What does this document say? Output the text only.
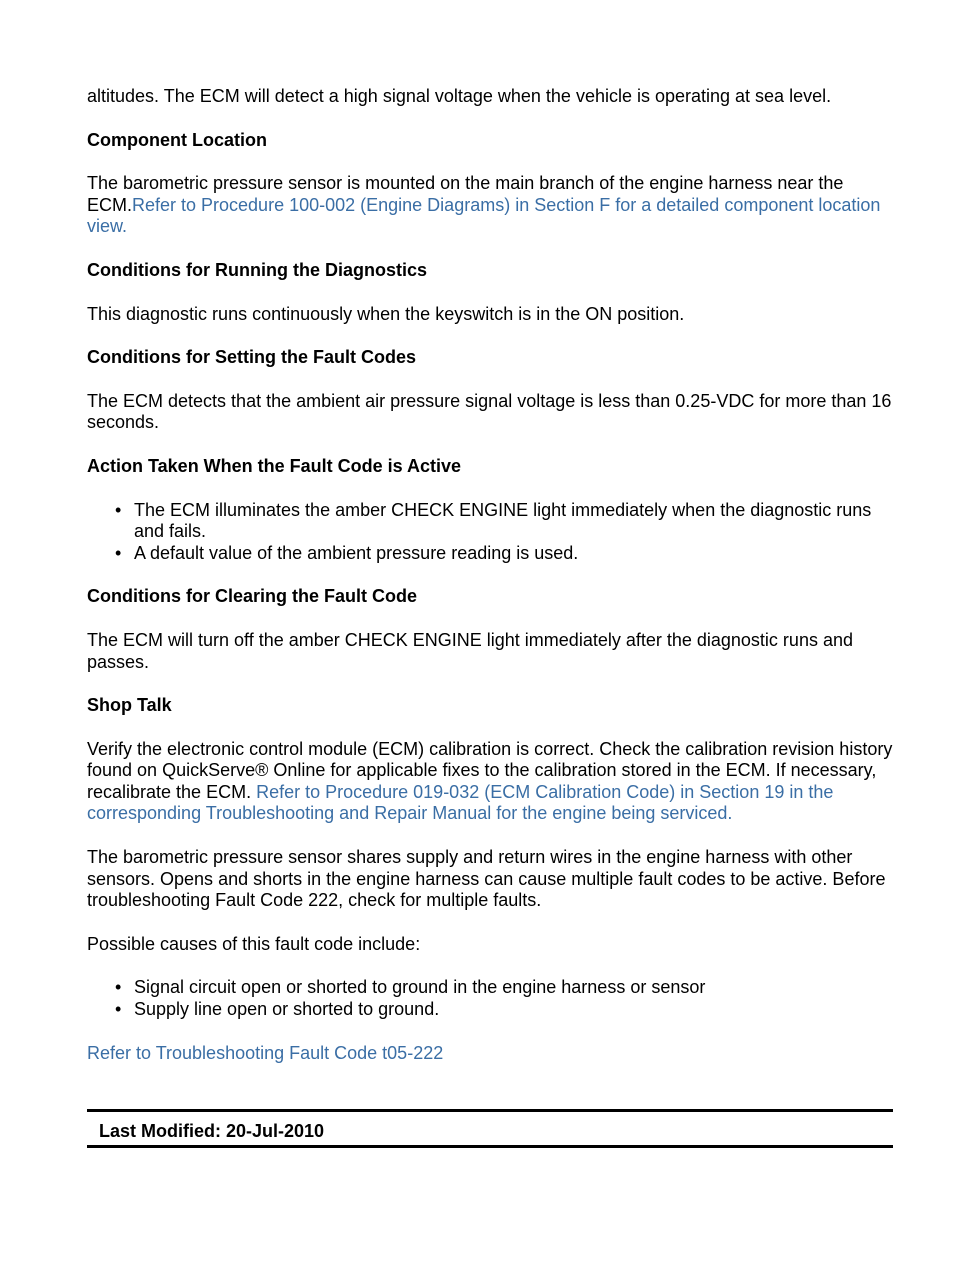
altitudes. The ECM will detect a high signal voltage when the vehicle is operating at sea level.

Component Location

The barometric pressure sensor is mounted on the main branch of the engine harness near the ECM.Refer to Procedure 100-002 (Engine Diagrams) in Section F for a detailed component location view.

Conditions for Running the Diagnostics

This diagnostic runs continuously when the keyswitch is in the ON position.

Conditions for Setting the Fault Codes

The ECM detects that the ambient air pressure signal voltage is less than 0.25-VDC for more than 16 seconds.

Action Taken When the Fault Code is Active
• The ECM illuminates the amber CHECK ENGINE light immediately when the diagnostic runs and fails.
• A default value of the ambient pressure reading is used.
Conditions for Clearing the Fault Code

The ECM will turn off the amber CHECK ENGINE light immediately after the diagnostic runs and passes.

Shop Talk

Verify the electronic control module (ECM) calibration is correct. Check the calibration revision history found on QuickServe® Online for applicable fixes to the calibration stored in the ECM. If necessary, recalibrate the ECM. Refer to Procedure 019-032 (ECM Calibration Code) in Section 19 in the corresponding Troubleshooting and Repair Manual for the engine being serviced.

The barometric pressure sensor shares supply and return wires in the engine harness with other sensors. Opens and shorts in the engine harness can cause multiple fault codes to be active. Before troubleshooting Fault Code 222, check for multiple faults.

Possible causes of this fault code include:

• Signal circuit open or shorted to ground in the engine harness or sensor
• Supply line open or shorted to ground.

Refer to Troubleshooting Fault Code t05-222

Last Modified: 20-Jul-2010
